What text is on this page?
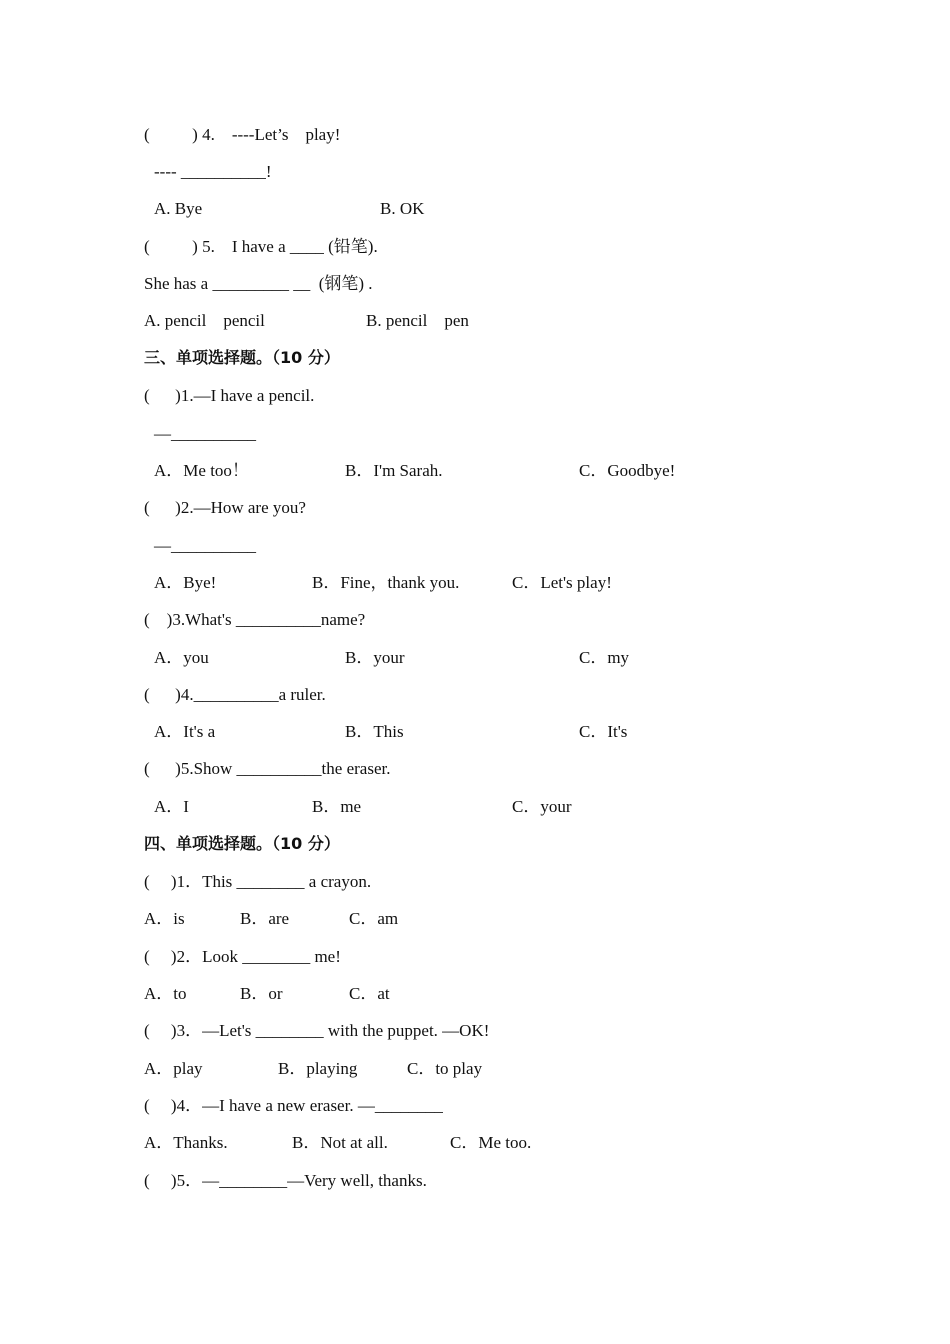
(          ) 4.    ----Let’s    play!
---- __________!
A. Bye	B. OK
(          ) 5.    I have a ____ (铅笔).
She has a _________ __  (钢笔) .
A. pencil    pencil	B. pencil    pen
三、单项选择题。（10 分）
(      )1.—I have a pencil.
—__________
A．Me too！	B．I'm Sarah.	C．Goodbye!
(      )2.—How are you?
—__________
A．Bye!	B．Fine，thank you.	C．Let's play!
(    )3.What's __________name?
A．you	B．your	C．my
(      )4.__________a ruler.
A．It's a	B．This	C．It's
(      )5.Show __________the eraser.
A．I	B．me	C．your
四、单项选择题。（10 分）
(     )1．This ________ a crayon.
A．is	B．are	C．am
(     )2．Look ________ me!
A．to	B．or	C．at
(     )3．—Let's ________ with the puppet. —OK!
A．play	B．playing	C．to play
(     )4．—I have a new eraser. —________
A．Thanks.	B．Not at all.	C．Me too.
(     )5．—________—Very well, thanks.
